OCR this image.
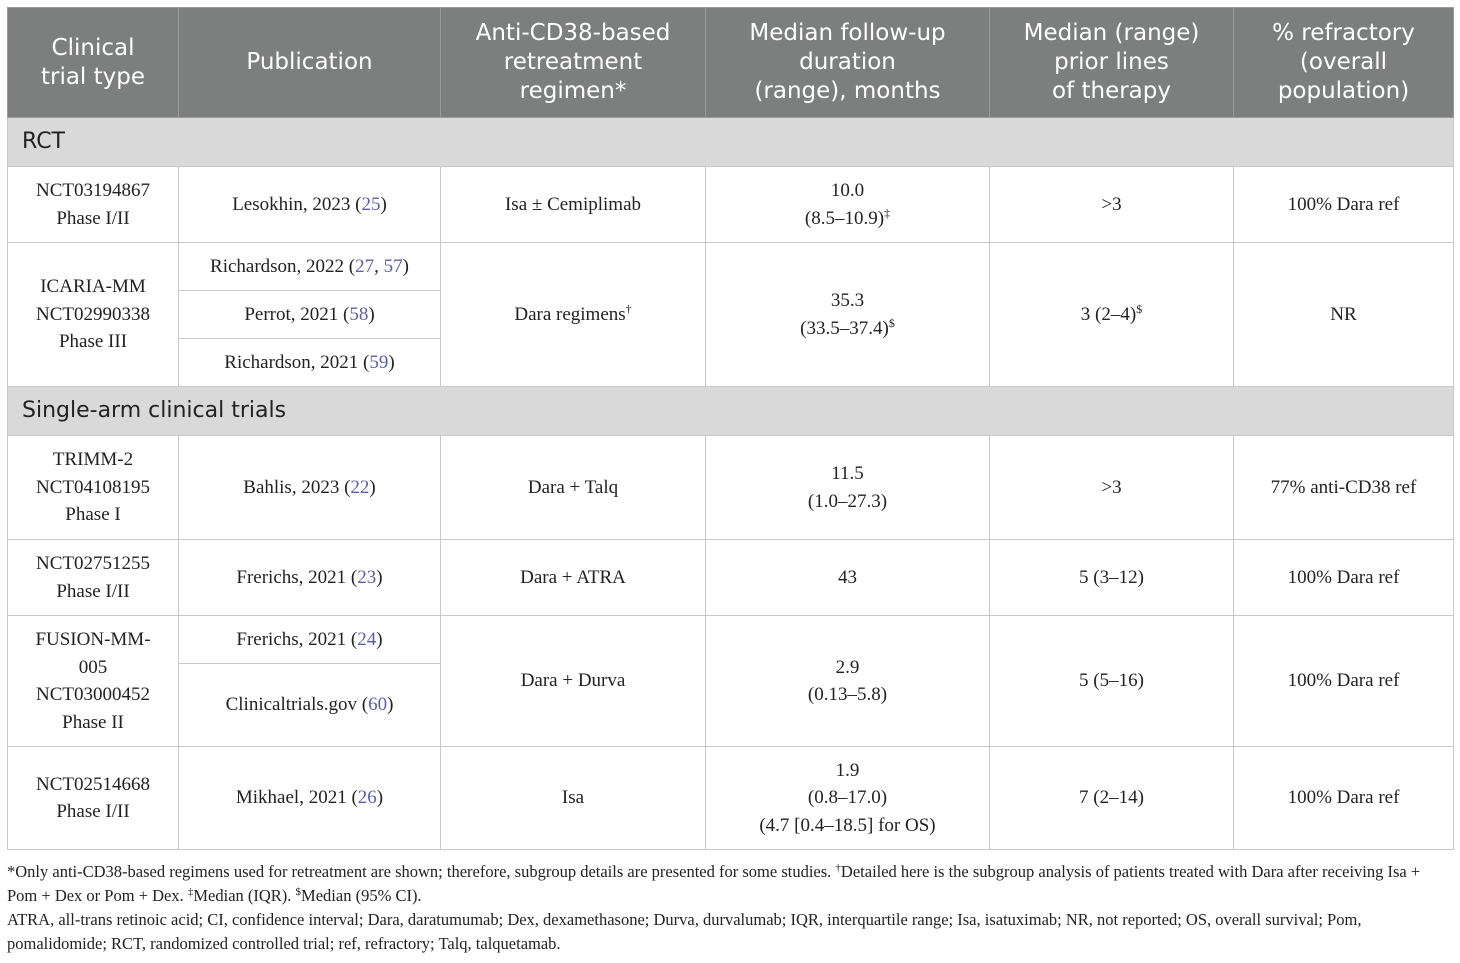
Clinical
trial type	Publication	Anti-CD38-based
retreatment
regimen*	Median follow-up
duration
(range), months	Median (range)
prior lines
of therapy	% refractory
(overall
population)

RCT					

NCT03194867
Phase I/II	Lesokhin, 2023 (25)	Isa ± Cemiplimab	10.0
(8.5–10.9)‡	>3	100% Dara ref

ICARIA-MM
NCT02990338
Phase III	Richardson, 2022 (27, 57)	Dara regimens†	35.3
(33.5–37.4)$	3 (2–4)$	NR
	Perrot, 2021 (58)				
	Richardson, 2021 (59)				
Single-arm clinical trials					

TRIMM-2
NCT04108195
Phase I	Bahlis, 2023 (22)	Dara + Talq	11.5
(1.0–27.3)	>3	77% anti-CD38 ref

NCT02751255
Phase I/II	Frerichs, 2021 (23)	Dara + ATRA	43	5 (3–12)	100% Dara ref

FUSION-MM-
005
NCT03000452
Phase II	Frerichs, 2021 (24)	Dara + Durva	2.9
(0.13–5.8)	5 (5–16)	100% Dara ref
	Clinicaltrials.gov (60)				

NCT02514668
Phase I/II	Mikhael, 2021 (26)	Isa	1.9
(0.8–17.0)
(4.7 [0.4–18.5] for OS)	7 (2–14)	100% Dara ref

*Only anti-CD38-based regimens used for retreatment are shown; therefore, subgroup details are presented for some studies. †Detailed here is the subgroup analysis of patients treated with Dara after receiving Isa + Pom + Dex or Pom + Dex. ‡Median (IQR). $Median (95% CI).

ATRA, all-trans retinoic acid; CI, confidence interval; Dara, daratumumab; Dex, dexamethasone; Durva, durvalumab; IQR, interquartile range; Isa, isatuximab; NR, not reported; OS, overall survival; Pom, pomalidomide; RCT, randomized controlled trial; ref, refractory; Talq, talquetamab.
